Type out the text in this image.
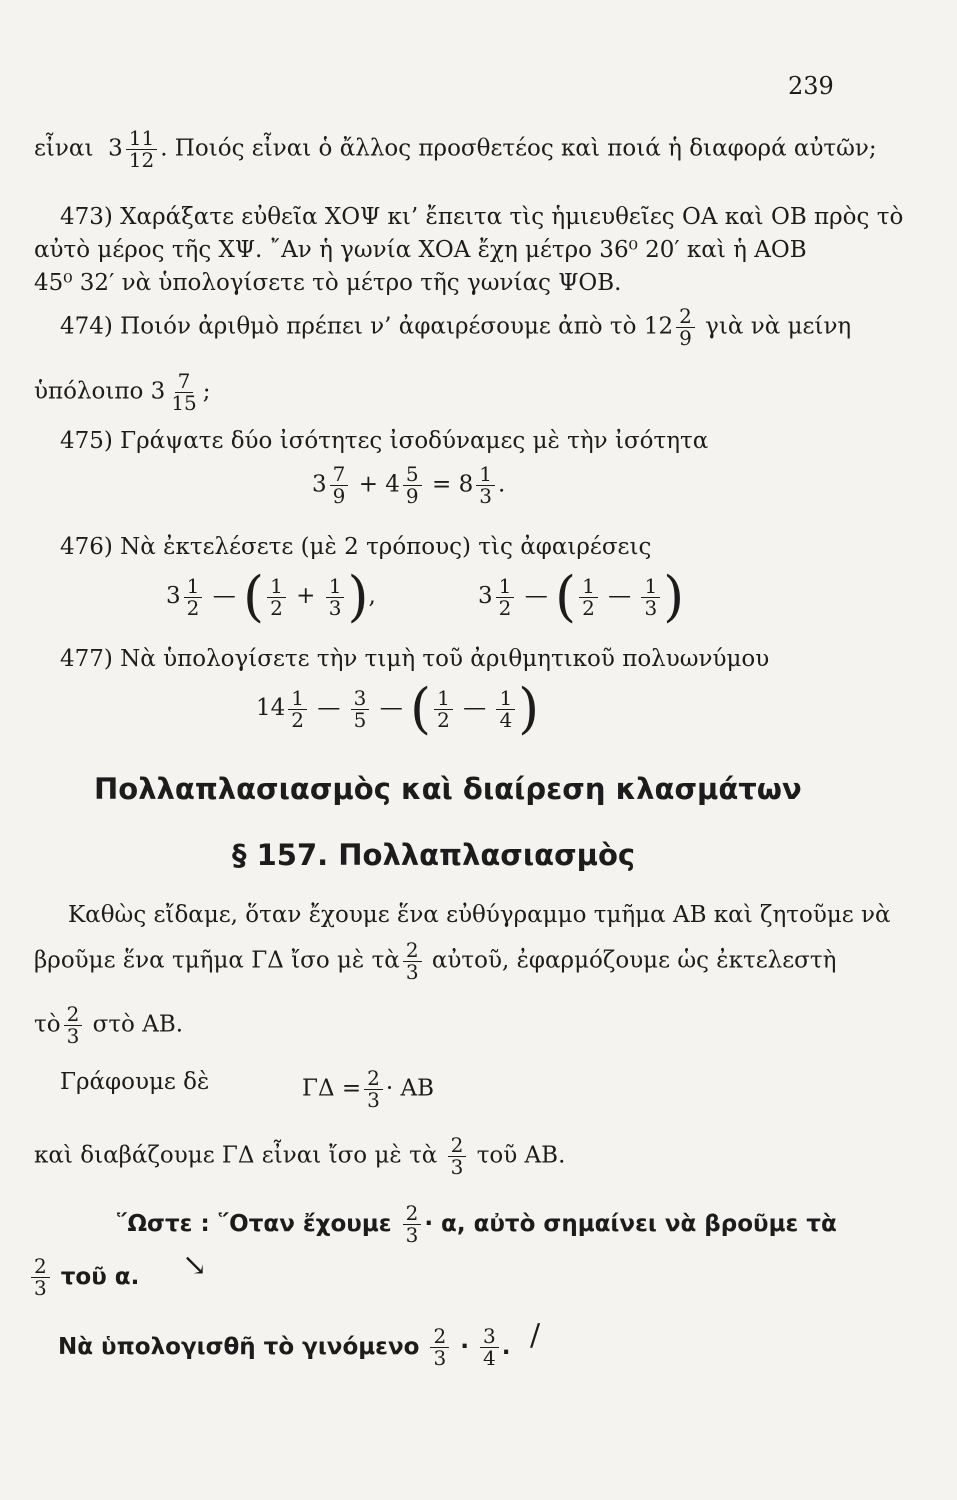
239
εἶναι $3 \frac{11}{12}$ . Ποιός εἶναι ὁ ἄλλος προσθετέος καὶ ποιά ἡ διαφορά αὐτῶν;
473) Χαράξατε εὐθεῖα ΧΟΨ κι’ ἔπειτα τὶς ἡμιευθεῖες ΟΑ καὶ ΟΒ πρὸς τὸ
αὐτὸ μέρος τῆς ΧΨ. ῎Αν ἡ γωνία ΧΟΑ ἔχη μέτρο 36⁰ 20′ καὶ ἡ ΑΟΒ
45⁰ 32′ νὰ ὑπολογίσετε τὸ μέτρο τῆς γωνίας ΨΟΒ.
474) Ποιόν ἀριθμὸ πρέπει ν’ ἀφαιρέσουμε ἀπὸ τὸ $12 \frac{2}{9}$ γιὰ νὰ μείνη
ὑπόλοιπο $3 \frac{7}{15}$ ;
475) Γράψατε δύο ἰσότητες ἰσοδύναμες μὲ τὴν ἰσότητα
$3 \frac{7}{9} + 4 \frac{5}{9} = 8 \frac{1}{3}$ .
476) Νὰ ἐκτελέσετε (μὲ 2 τρόπους) τὶς ἀφαιρέσεις
$3 \frac{1}{2}$ — ( $\frac{1}{2} + \frac{1}{3}$ ),	$3 \frac{1}{2}$ — ( $\frac{1}{2}$ — $\frac{1}{3}$ )
477) Νὰ ὑπολογίσετε τὴν τιμὴ τοῦ ἀριθμητικοῦ πολυωνύμου
$14 \frac{1}{2}$ — $\frac{3}{5}$ — ( $\frac{1}{2}$ — $\frac{1}{4}$ )
Πολλαπλασιασμὸς καὶ διαίρεση κλασμάτων
§ 157. Πολλαπλασιασμὸς
Καθὼς εἴδαμε, ὅταν ἔχουμε ἕνα εὐθύγραμμο τμῆμα ΑΒ καὶ ζητοῦμε νὰ
βροῦμε ἕνα τμῆμα ΓΔ ἴσο μὲ τὰ $\frac{2}{3}$ αὐτοῦ, ἐφαρμόζουμε ὡς ἐκτελεστὴ
τὸ $\frac{2}{3}$ στὸ ΑΒ.
Γράφουμε δὲ	$\Gamma\Delta = \frac{2}{3} \cdot AB$
καὶ διαβάζουμε ΓΔ εἶναι ἴσο μὲ τὰ $\frac{2}{3}$ τοῦ ΑΒ.
῞Ωστε : ῞Οταν ἔχουμε $\frac{2}{3} \cdot \alpha$, αὐτὸ σημαίνει νὰ βροῦμε τὰ
$\frac{2}{3}$ τοῦ α. ↘
Νὰ ὑπολογισθῆ τὸ γινόμενο $\frac{2}{3} \cdot \frac{3}{4}$ . ∕
